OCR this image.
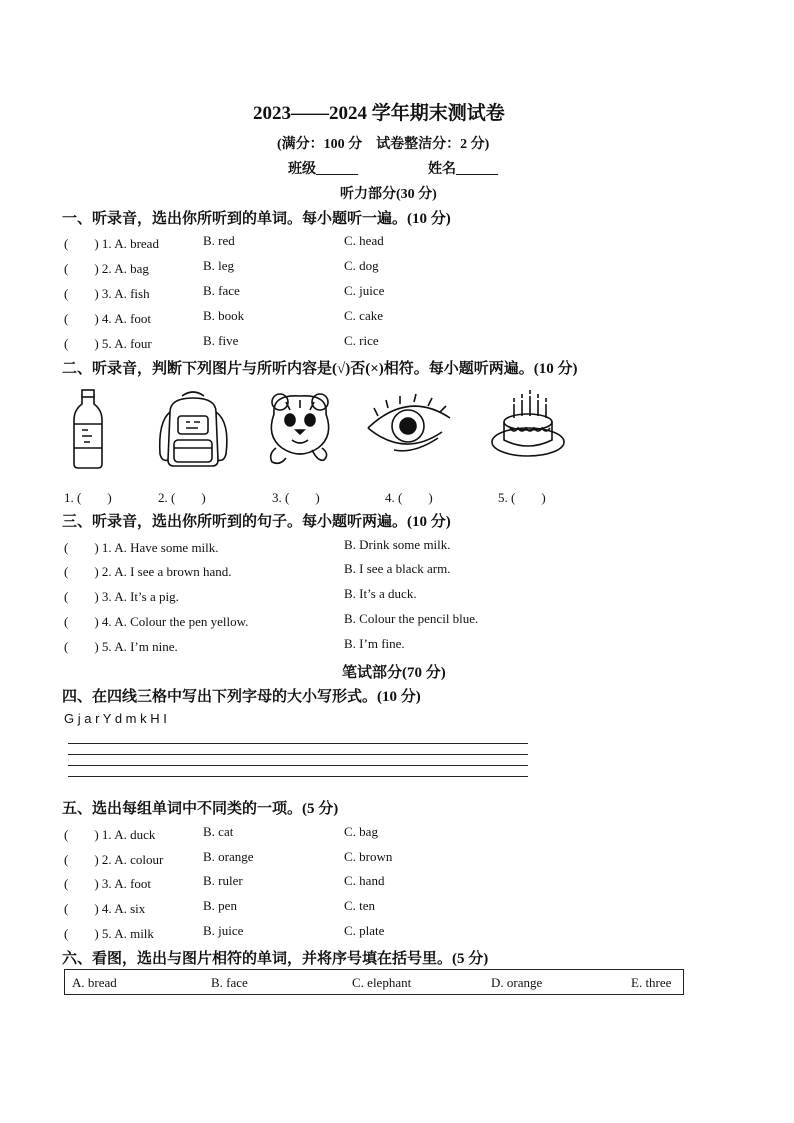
2023——2024 学年期末测试卷
(满分：100 分　试卷整洁分：2 分)
班级______	姓名______
听力部分(30 分)
一、听录音，选出你所听到的单词。每小题听一遍。(10 分)
(　　) 1. A. bread	B. red	C. head
(　　) 2. A. bag	B. leg	C. dog
(　　) 3. A. fish	B. face	C. juice
(　　) 4. A. foot	B. book	C. cake
(　　) 5. A. four	B. five	C. rice
二、听录音，判断下列图片与所听内容是(√)否(×)相符。每小题听两遍。(10 分)
1. (　　)	2. (　　)	3. (　　)	4. (　　)	5. (　　)
三、听录音，选出你所听到的句子。每小题听两遍。(10 分)
(　　) 1. A. Have some milk.	B. Drink some milk.
(　　) 2. A. I see a brown hand.	B. I see a black arm.
(　　) 3. A. It’s a pig.	B. It’s a duck.
(　　) 4. A. Colour the pen yellow.	B. Colour the pencil blue.
(　　) 5. A. I’m nine.	B. I’m fine.
笔试部分(70 分)
四、在四线三格中写出下列字母的大小写形式。(10 分)
G j a r Y d m k H I
五、选出每组单词中不同类的一项。(5 分)
(　　) 1. A. duck	B. cat	C. bag
(　　) 2. A. colour	B. orange	C. brown
(　　) 3. A. foot	B. ruler	C. hand
(　　) 4. A. six	B. pen	C. ten
(　　) 5. A. milk	B. juice	C. plate
六、看图，选出与图片相符的单词，并将序号填在括号里。(5 分)
A. bread	B. face	C. elephant	D. orange	E. three
